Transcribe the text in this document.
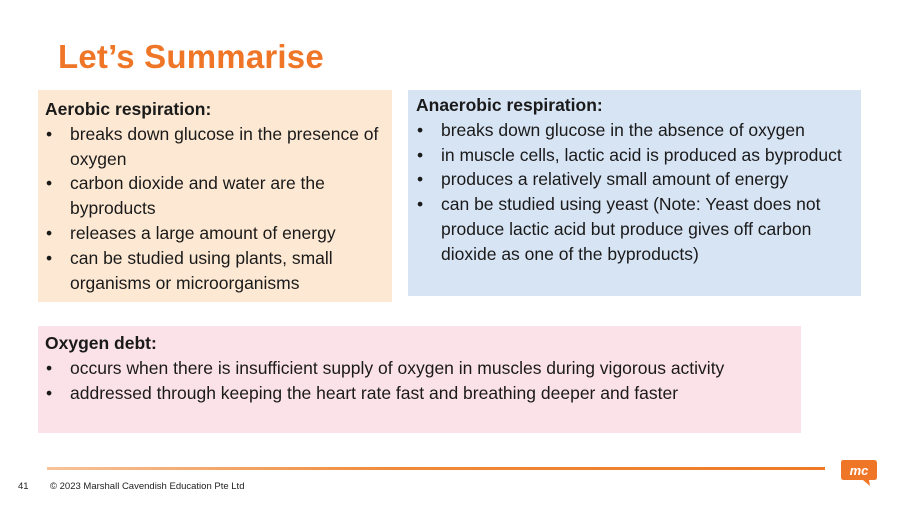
Let’s Summarise
Aerobic respiration:
• breaks down glucose in the presence of oxygen
• carbon dioxide and water are the byproducts
• releases a large amount of energy
• can be studied using plants, small organisms or microorganisms
Anaerobic respiration:
• breaks down glucose in the absence of oxygen
• in muscle cells, lactic acid is produced as byproduct
• produces a relatively small amount of energy
• can be studied using yeast (Note: Yeast does not produce lactic acid but produce gives off carbon dioxide as one of the byproducts)
Oxygen debt:
• occurs when there is insufficient supply of oxygen in muscles during vigorous activity
• addressed through keeping the heart rate fast and breathing deeper and faster
mc
41 © 2023 Marshall Cavendish Education Pte Ltd
